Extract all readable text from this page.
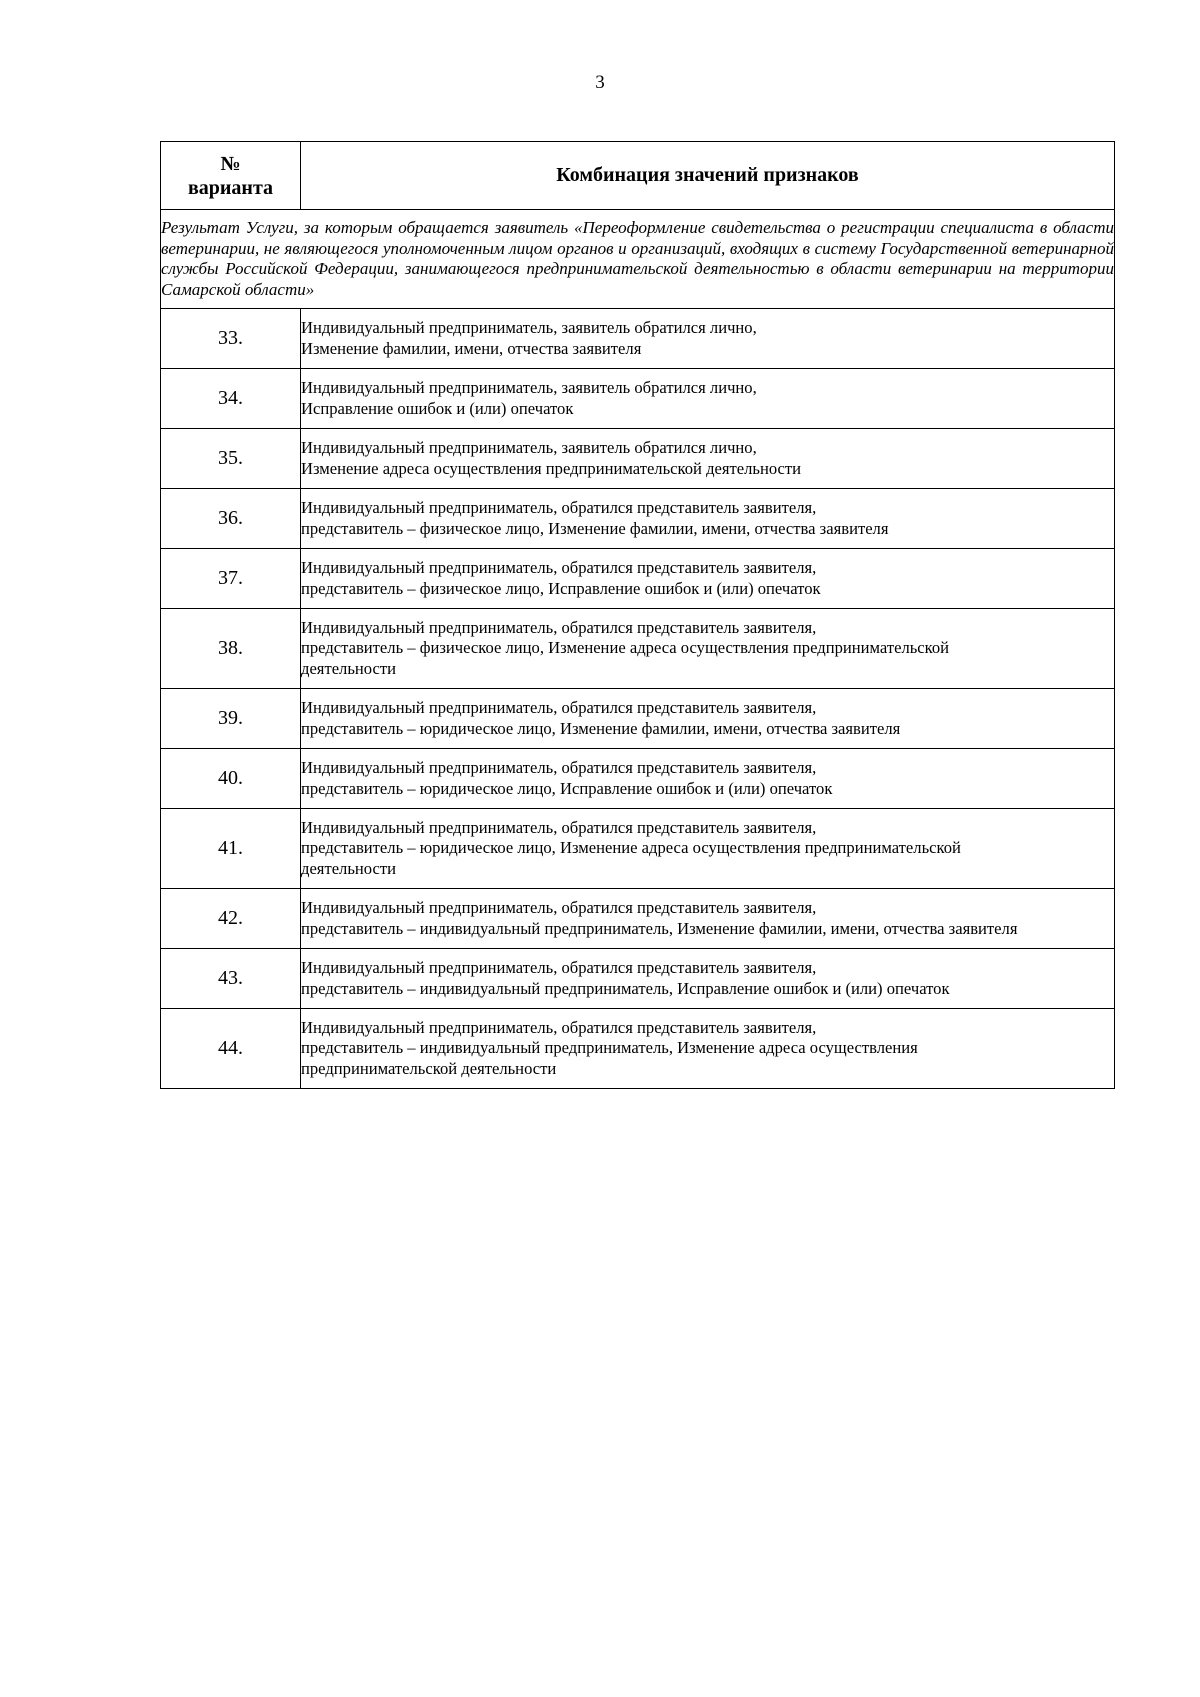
3
№
варианта	Комбинация значений признаков
Результат Услуги, за которым обращается заявитель «Переоформление свидетельства о регистрации специалиста в области ветеринарии, не являющегося уполномоченным лицом органов и организаций, входящих в систему Государственной ветеринарной службы Российской Федерации, занимающегося предпринимательской деятельностью в области ветеринарии на территории Самарской области»	
33.	Индивидуальный предприниматель, заявитель обратился лично,
Изменение фамилии, имени, отчества заявителя

34.	Индивидуальный предприниматель, заявитель обратился лично,
Исправление ошибок и (или) опечаток

35.	Индивидуальный предприниматель, заявитель обратился лично,
Изменение адреса осуществления предпринимательской деятельности

36.	Индивидуальный предприниматель, обратился представитель заявителя,
представитель – физическое лицо, Изменение фамилии, имени, отчества заявителя

37.	Индивидуальный предприниматель, обратился представитель заявителя,
представитель – физическое лицо, Исправление ошибок и (или) опечаток

38.	Индивидуальный предприниматель, обратился представитель заявителя,
представитель – физическое лицо, Изменение адреса осуществления предпринимательской
деятельности

39.	Индивидуальный предприниматель, обратился представитель заявителя,
представитель – юридическое лицо, Изменение фамилии, имени, отчества заявителя

40.	Индивидуальный предприниматель, обратился представитель заявителя,
представитель – юридическое лицо, Исправление ошибок и (или) опечаток

41.	Индивидуальный предприниматель, обратился представитель заявителя,
представитель – юридическое лицо, Изменение адреса осуществления предпринимательской
деятельности

42.	Индивидуальный предприниматель, обратился представитель заявителя,
представитель – индивидуальный предприниматель, Изменение фамилии, имени, отчества заявителя

43.	Индивидуальный предприниматель, обратился представитель заявителя,
представитель – индивидуальный предприниматель, Исправление ошибок и (или) опечаток

44.	Индивидуальный предприниматель, обратился представитель заявителя,
представитель – индивидуальный предприниматель, Изменение адреса осуществления
предпринимательской деятельности
